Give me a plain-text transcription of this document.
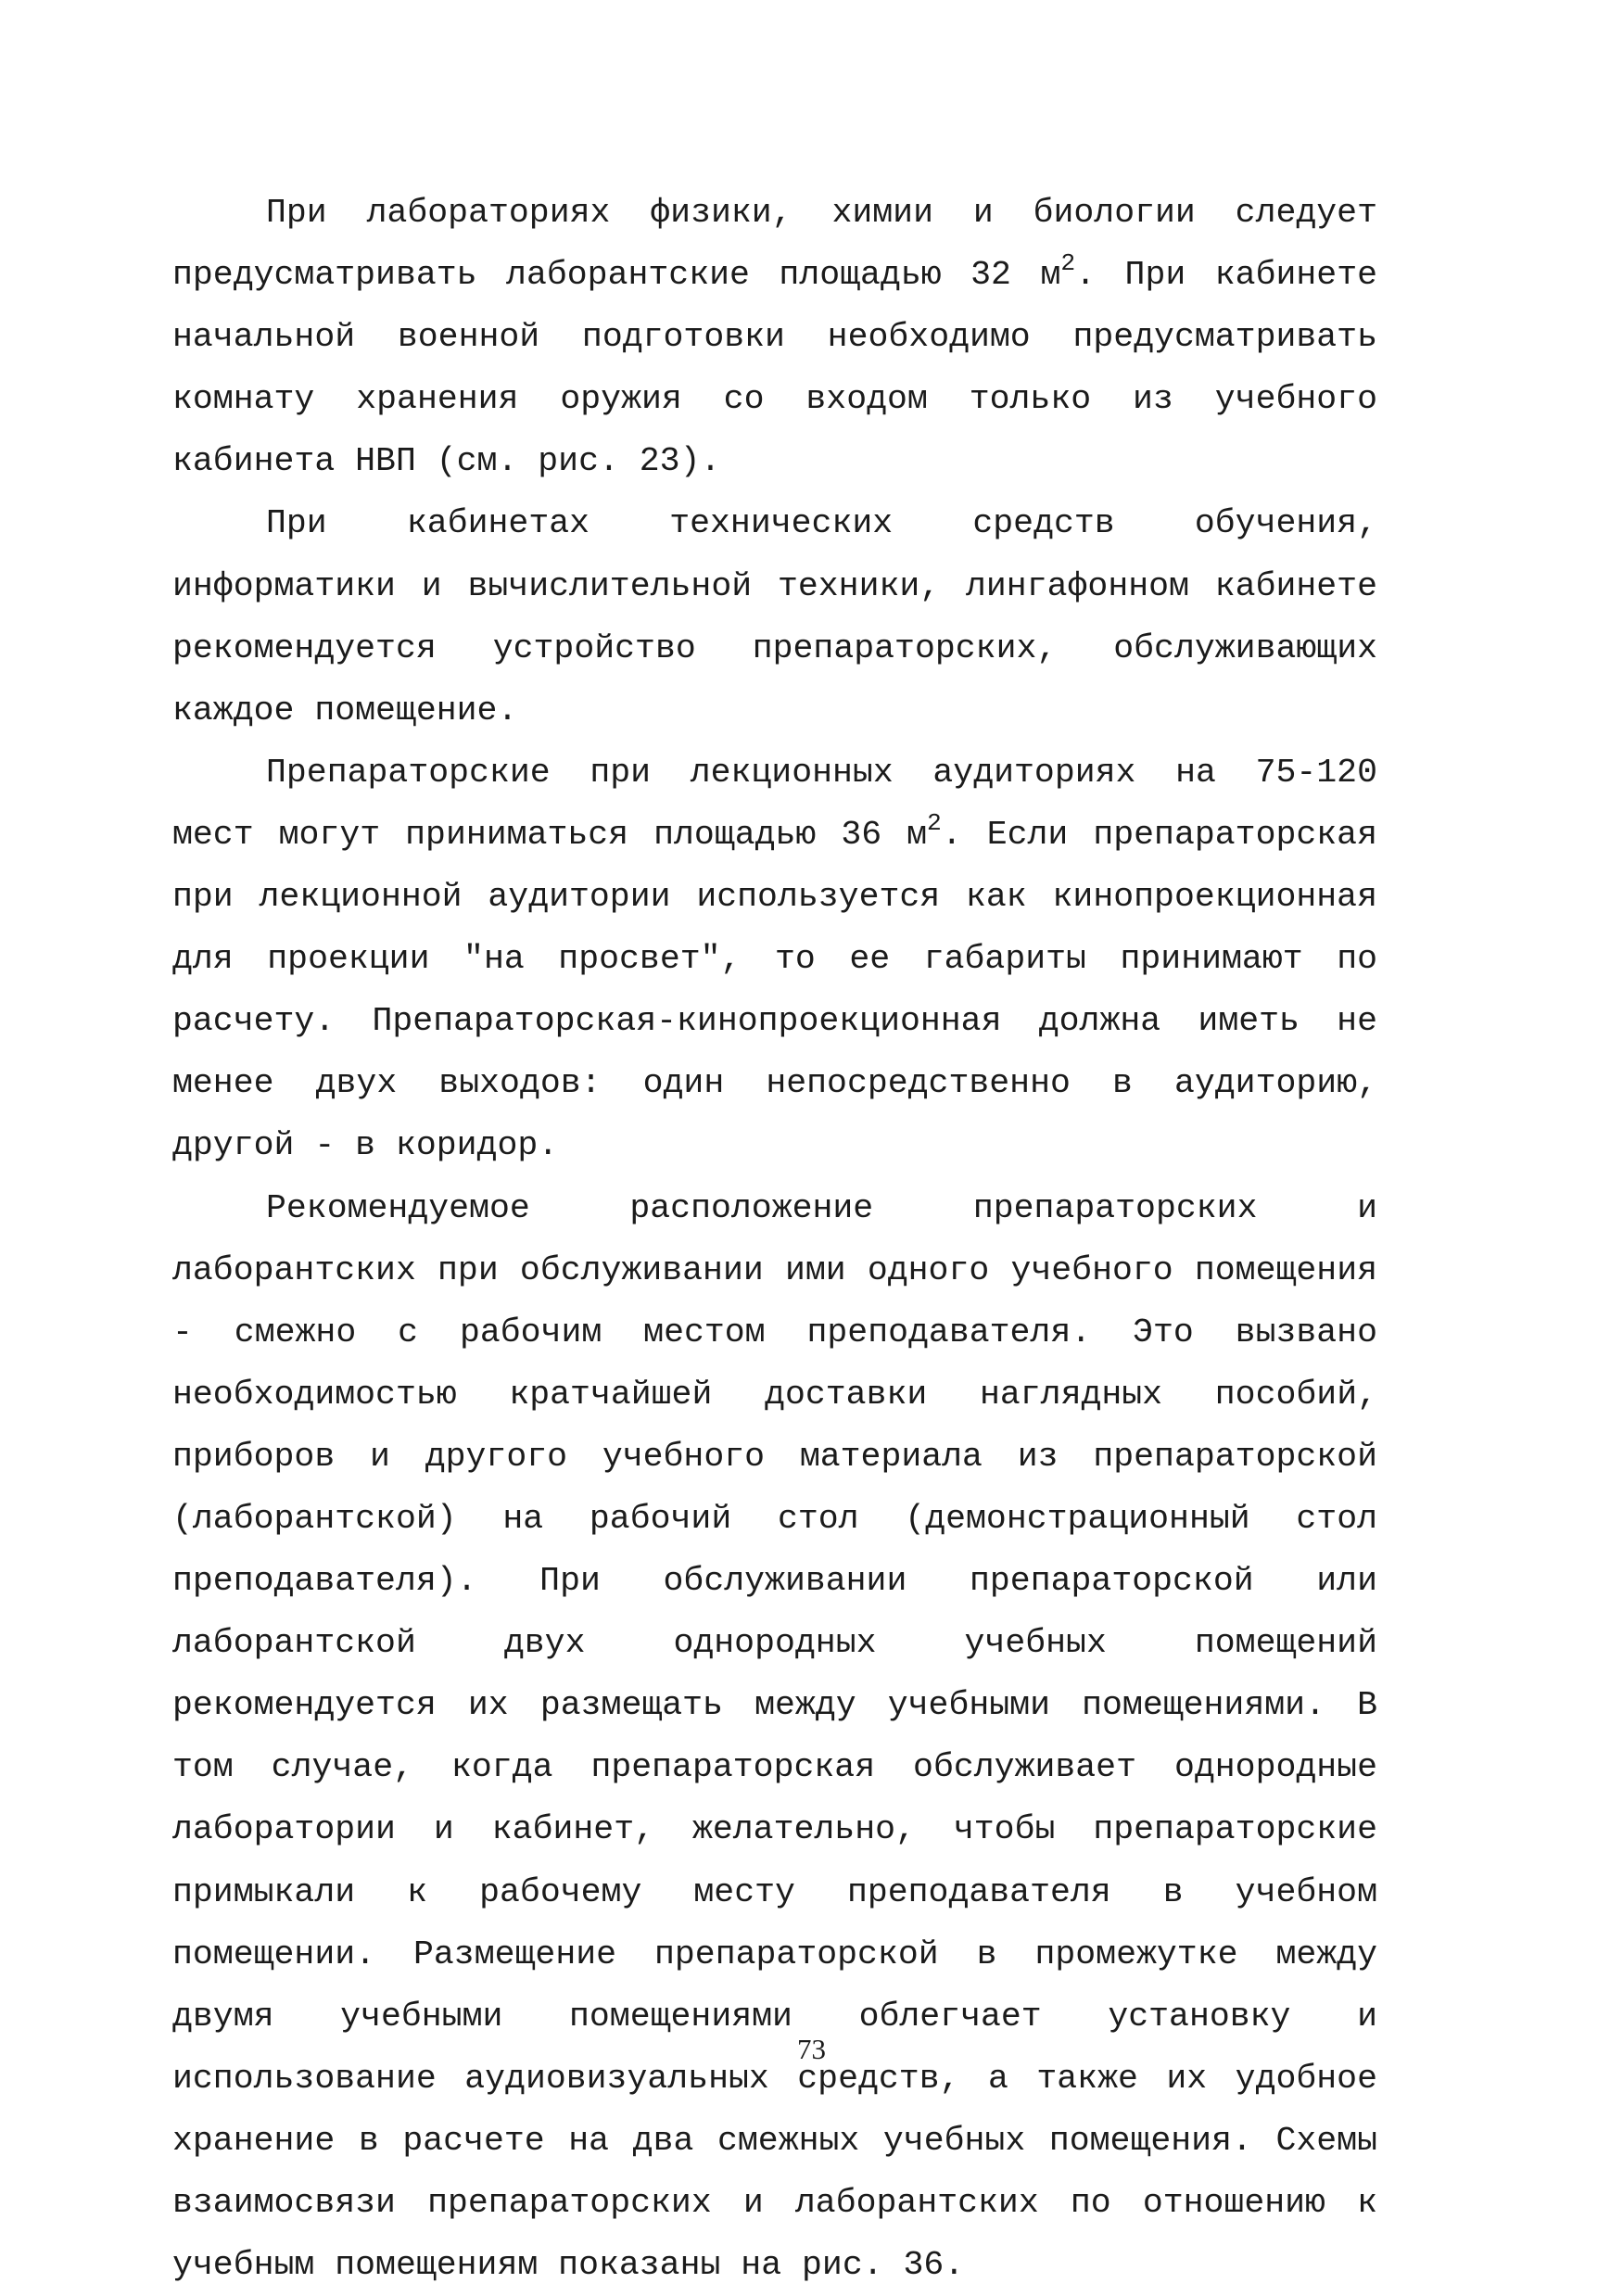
При лабораториях физики, химии и биологии следует предусматривать лаборантские площадью 32 $м^2$. При кабинете начальной военной подготовки необходимо предусматривать комнату хранения оружия со входом только из учебного кабинета НВП (см. рис. 23).

При кабинетах технических средств обучения, информатики и вычислительной техники, лингафонном кабинете рекомендуется устройство препараторских, обслуживающих каждое помещение.

Препараторские при лекционных аудиториях на 75-120 мест могут приниматься площадью 36 $м^2$. Если препараторская при лекционной аудитории используется как кинопроекционная для проекции "на просвет", то ее габариты принимают по расчету. Препараторская-кинопроекционная должна иметь не менее двух выходов: один непосредственно в аудиторию, другой - в коридор.

Рекомендуемое расположение препараторских и лаборантских при обслуживании ими одного учебного помещения - смежно с рабочим местом преподавателя. Это вызвано необходимостью кратчайшей доставки наглядных пособий, приборов и другого учебного материала из препараторской (лаборантской) на рабочий стол (демонстрационный стол преподавателя). При обслуживании препараторской или лаборантской двух однородных учебных помещений рекомендуется их размещать между учебными помещениями. В том случае, когда препараторская обслуживает однородные лаборатории и кабинет, желательно, чтобы препараторские примыкали к рабочему месту преподавателя в учебном помещении. Размещение препараторской в промежутке между двумя учебными помещениями облегчает установку и использование аудиовизуальных средств, а также их удобное хранение в расчете на два смежных учебных помещения. Схемы взаимосвязи препараторских и лаборантских по отношению к учебным помещениям показаны на рис. 36.

73
